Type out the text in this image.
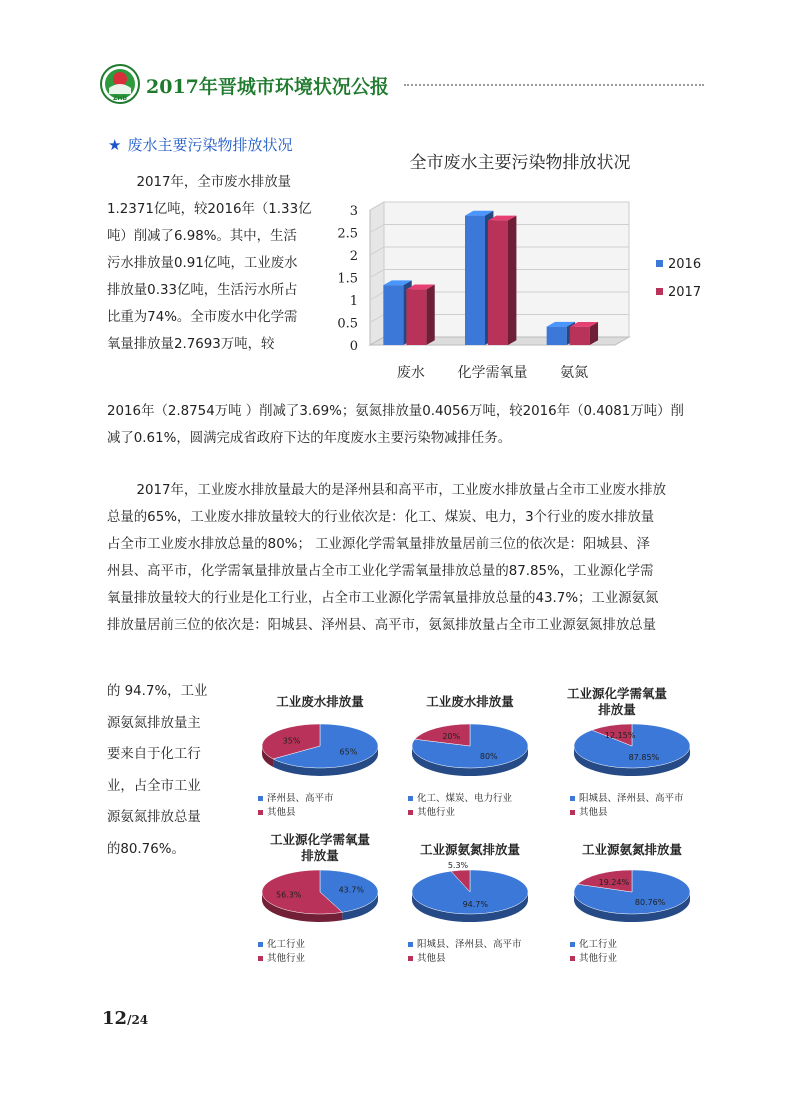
ZHB
2017年晋城市环境状况公报
★ 废水主要污染物排放状况
2017年，全市废水排放量
1.2371亿吨，较2016年（1.33亿
吨）削减了6.98%。其中，生活
污水排放量0.91亿吨，工业废水
排放量0.33亿吨，生活污水所占
比重为74%。全市废水中化学需
氧量排放量2.7693万吨，较
2016年（2.8754万吨 ）削减了3.69%；氨氮排放量0.4056万吨，较2016年（0.4081万吨）削
减了0.61%，圆满完成省政府下达的年度废水主要污染物减排任务。
2017年，工业废水排放量最大的是泽州县和高平市，工业废水排放量占全市工业废水排放
总量的65%，工业废水排放量较大的行业依次是：化工、煤炭、电力，3个行业的废水排放量
占全市工业废水排放总量的80%； 工业源化学需氧量排放量居前三位的依次是：阳城县、泽
州县、高平市，化学需氧量排放量占全市工业化学需氧量排放总量的87.85%，工业源化学需
氧量排放量较大的行业是化工行业，占全市工业源化学需氧量排放总量的43.7%；工业源氨氮
排放量居前三位的依次是：阳城县、泽州县、高平市，氨氮排放量占全市工业源氨氮排放总量
的 94.7%，工业
源氨氮排放量主
要来自于化工行
业，占全市工业
源氨氮排放总量
的80.76%。
全市废水主要污染物排放状况
0
0.5
1
1.5
2
2.5
3
废水 化学需氧量 氨氮
2016
2017
工业废水排放量
65%
35%
泽州县、高平市
其他县
工业废水排放量
80%
20%
化工、煤炭、电力行业
其他行业
工业源化学需氧量排放量
87.85%
12.15%
阳城县、泽州县、高平市
其他县
工业源化学需氧量排放量
43.7%
56.3%
化工行业
其他行业
工业源氨氮排放量
94.7%
5.3%
阳城县、泽州县、高平市
其他县
工业源氨氮排放量
80.76%
19.24%
化工行业
其他行业
12/24
